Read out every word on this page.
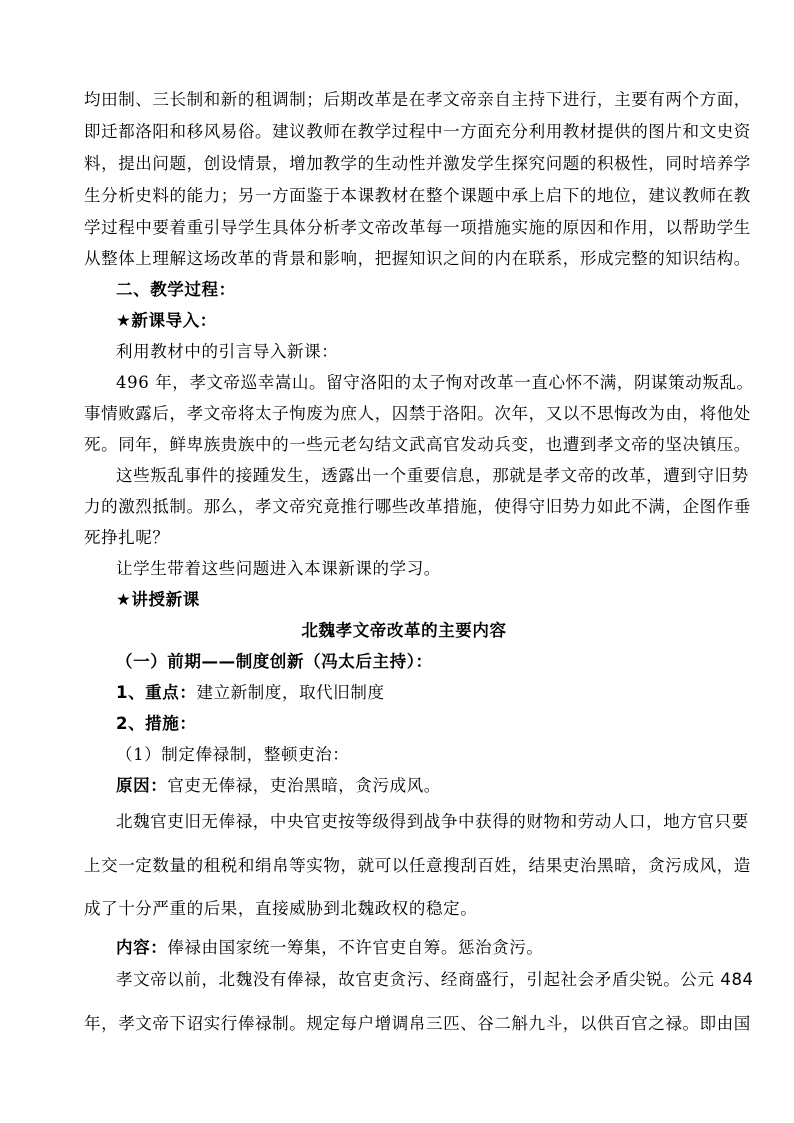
均田制、三长制和新的租调制；后期改革是在孝文帝亲自主持下进行，主要有两个方面，
即迁都洛阳和移风易俗。建议教师在教学过程中一方面充分利用教材提供的图片和文史资
料，提出问题，创设情景，增加教学的生动性并激发学生探究问题的积极性，同时培养学
生分析史料的能力；另一方面鉴于本课教材在整个课题中承上启下的地位，建议教师在教
学过程中要着重引导学生具体分析孝文帝改革每一项措施实施的原因和作用，以帮助学生
从整体上理解这场改革的背景和影响，把握知识之间的内在联系，形成完整的知识结构。
二、教学过程：
★新课导入：
利用教材中的引言导入新课：
496 年，孝文帝巡幸嵩山。留守洛阳的太子恂对改革一直心怀不满，阴谋策动叛乱。
事情败露后，孝文帝将太子恂废为庶人，囚禁于洛阳。次年，又以不思悔改为由，将他处
死。同年，鲜卑族贵族中的一些元老勾结文武高官发动兵变，也遭到孝文帝的坚决镇压。
这些叛乱事件的接踵发生，透露出一个重要信息，那就是孝文帝的改革，遭到守旧势
力的激烈抵制。那么，孝文帝究竟推行哪些改革措施，使得守旧势力如此不满，企图作垂
死挣扎呢？
让学生带着这些问题进入本课新课的学习。
★讲授新课
北魏孝文帝改革的主要内容
（一）前期——制度创新（冯太后主持）：
1、重点：建立新制度，取代旧制度
2、措施：
（1）制定俸禄制，整顿吏治：
原因：官吏无俸禄，吏治黑暗，贪污成风。
北魏官吏旧无俸禄，中央官吏按等级得到战争中获得的财物和劳动人口，地方官只要
上交一定数量的租税和绢帛等实物，就可以任意搜刮百姓，结果吏治黑暗，贪污成风，造
成了十分严重的后果，直接威胁到北魏政权的稳定。
内容：俸禄由国家统一筹集，不许官吏自筹。惩治贪污。
孝文帝以前，北魏没有俸禄，故官吏贪污、经商盛行，引起社会矛盾尖锐。公元 484
年，孝文帝下诏实行俸禄制。规定每户增调帛三匹、谷二斛九斗，以供百官之禄。即由国
